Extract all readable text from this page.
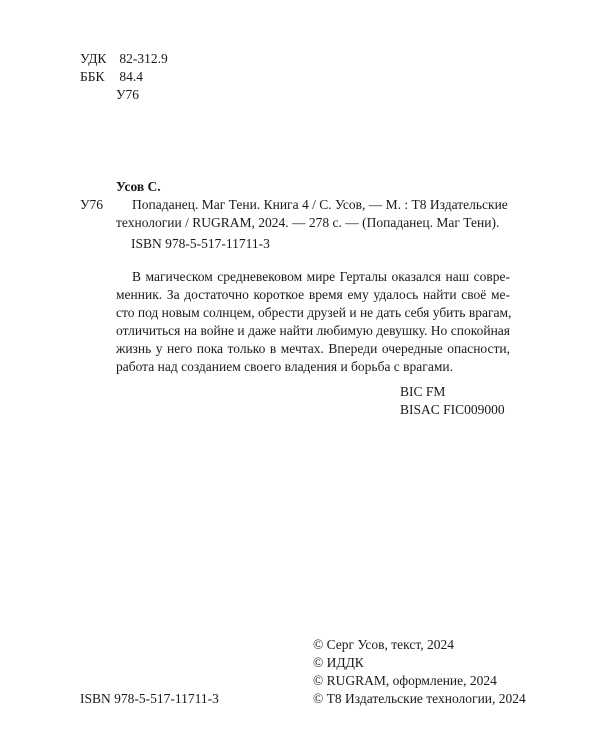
УДК 82-312.9
ББК 84.4
У76
У76
Усов С.
Попаданец. Маг Тени. Книга 4 / С. Усов, — М. : Т8 Издательские
технологии / RUGRAM, 2024. — 278 с. — (Попаданец. Маг Тени).
ISBN 978-5-517-11711-3
В магическом средневековом мире Герталы оказался наш совре-
менник. За достаточно короткое время ему удалось найти своё ме-
сто под новым солнцем, обрести друзей и не дать себя убить врагам,
отличиться на войне и даже найти любимую девушку. Но спокойная
жизнь у него пока только в мечтах. Впереди очередные опасности,
работа над созданием своего владения и борьба с врагами.
BIC FM
BISAC FIC009000
© Серг Усов, текст, 2024
© ИДДК
© RUGRAM, оформление, 2024
© Т8 Издательские технологии, 2024
ISBN 978-5-517-11711-3
